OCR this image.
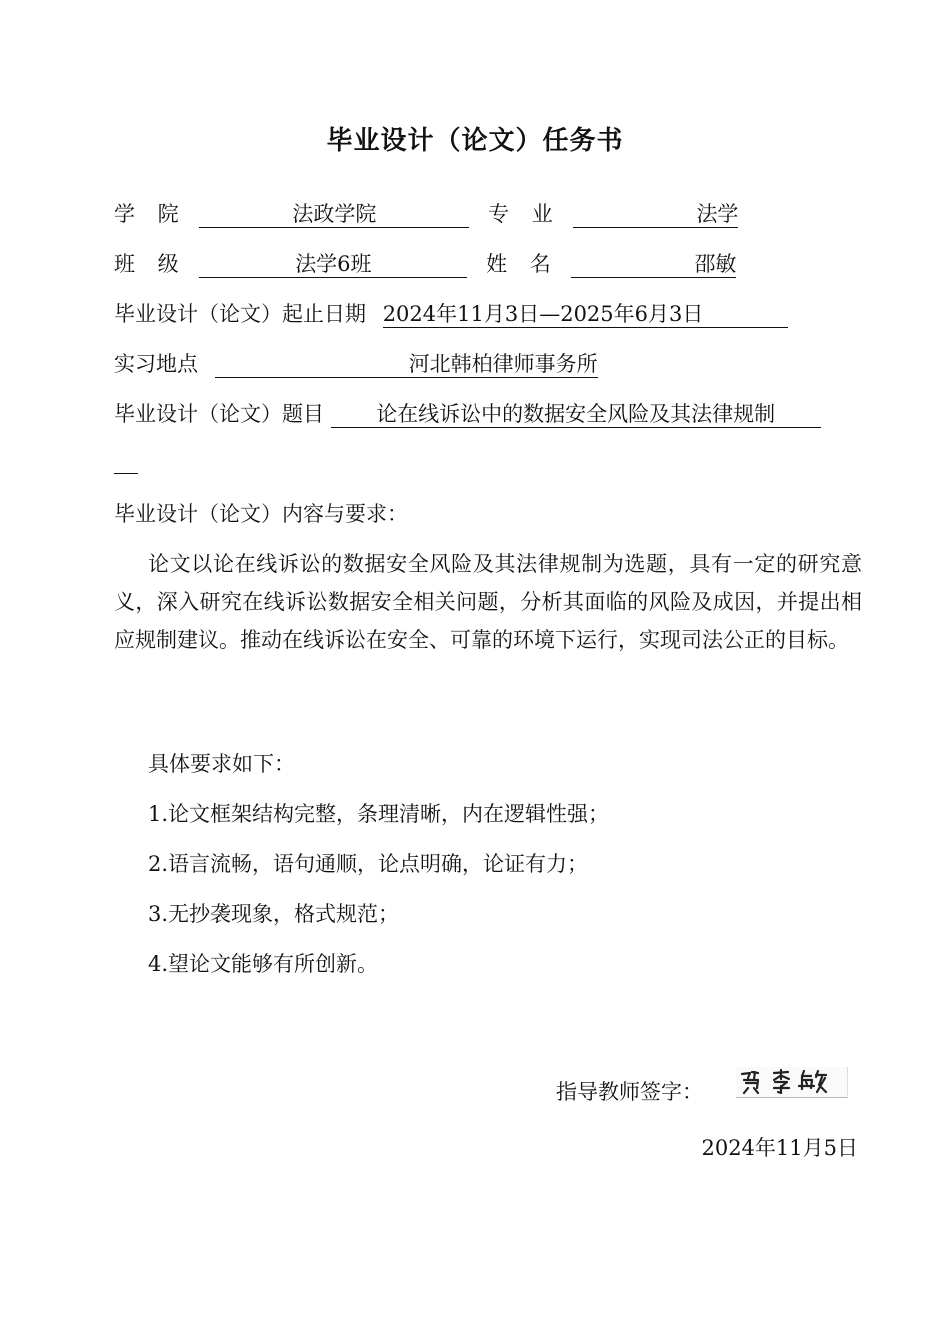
毕业设计（论文）任务书
学 院	法政学院	专 业	法学
班 级	法学6班	姓 名	邵敏
毕业设计（论文）起止日期 2024年11月3日—2025年6月3日
实习地点	河北韩柏律师事务所
毕业设计（论文）题目 论在线诉讼中的数据安全风险及其法律规制
毕业设计（论文）内容与要求：
论文以论在线诉讼的数据安全风险及其法律规制为选题，具有一定的研究意义，深入研究在线诉讼数据安全相关问题，分析其面临的风险及成因，并提出相应规制建议。推动在线诉讼在安全、可靠的环境下运行，实现司法公正的目标。
具体要求如下：
1.论文框架结构完整，条理清晰，内在逻辑性强；
2.语言流畅，语句通顺，论点明确，论证有力；
3.无抄袭现象，格式规范；
4.望论文能够有所创新。
指导教师签字：
2024年11月5日
